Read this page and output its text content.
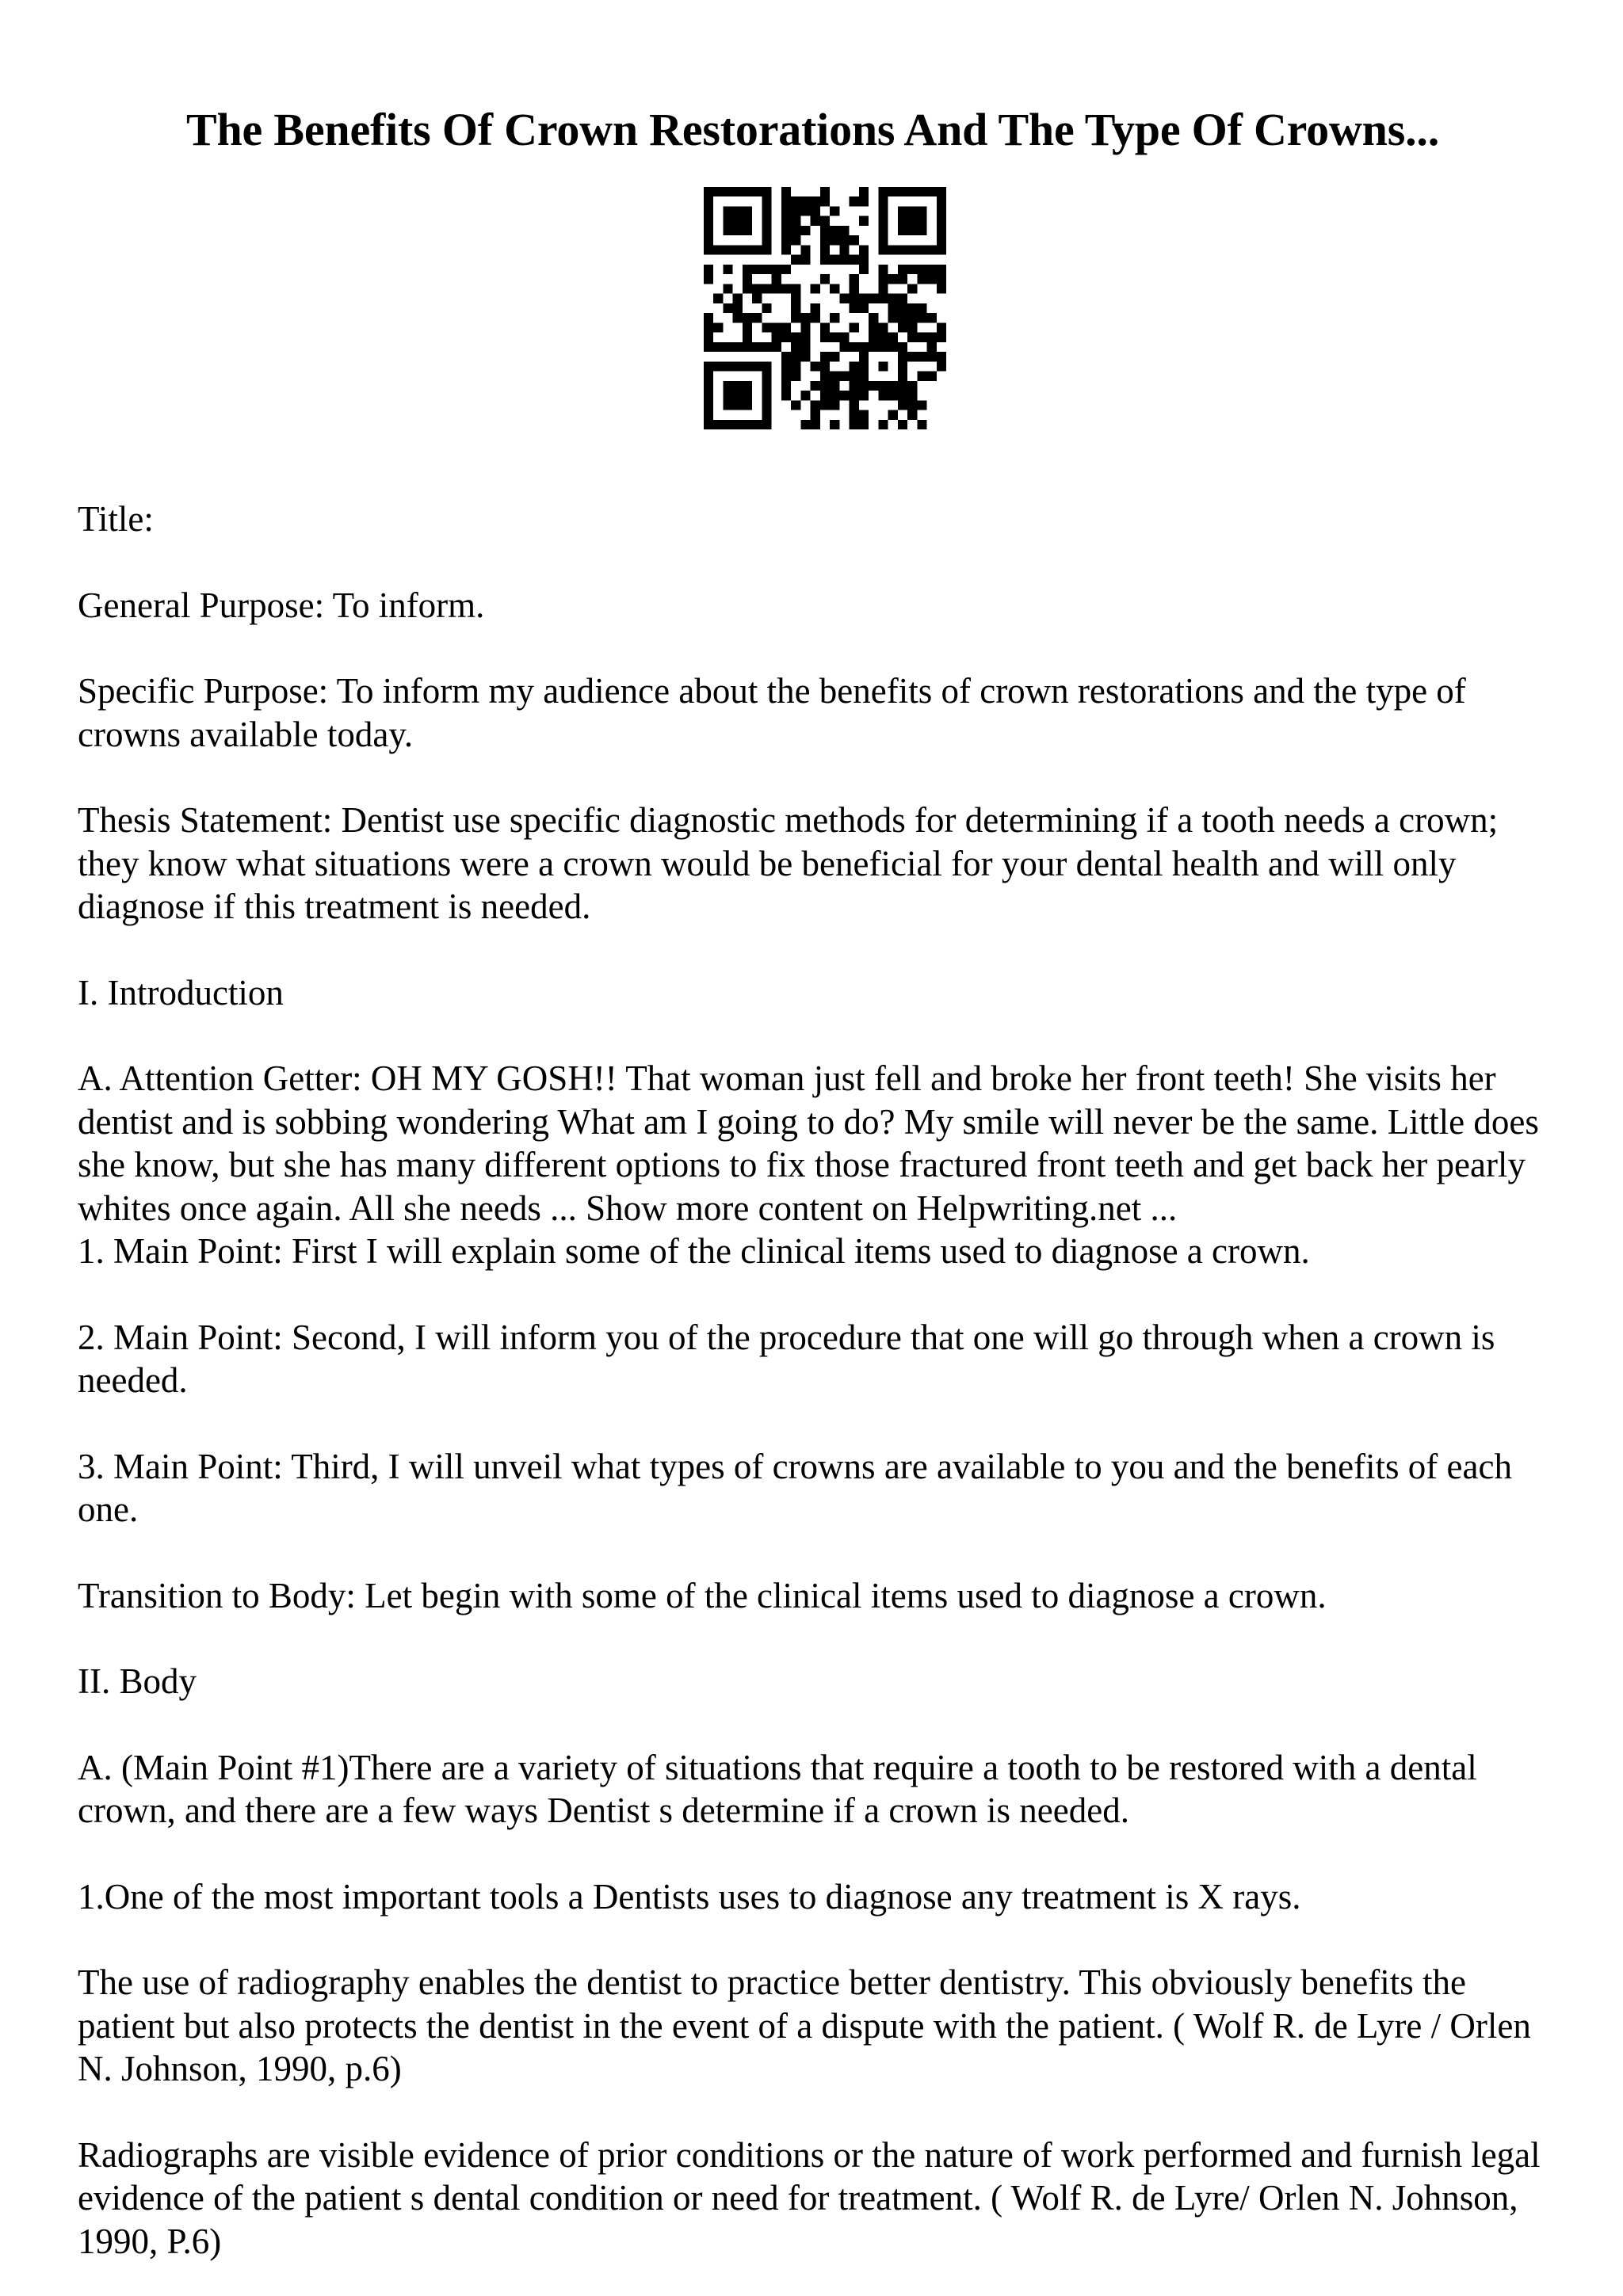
The Benefits Of Crown Restorations And The Type Of Crowns...

Title:

General Purpose: To inform.

Specific Purpose: To inform my audience about the benefits of crown restorations and the type of crowns available today.

Thesis Statement: Dentist use specific diagnostic methods for determining if a tooth needs a crown; they know what situations were a crown would be beneficial for your dental health and will only diagnose if this treatment is needed.

I. Introduction

A. Attention Getter: OH MY GOSH!! That woman just fell and broke her front teeth! She visits her dentist and is sobbing wondering What am I going to do? My smile will never be the same. Little does she know, but she has many different options to fix those fractured front teeth and get back her pearly whites once again. All she needs ... Show more content on Helpwriting.net ...

1. Main Point: First I will explain some of the clinical items used to diagnose a crown.

2. Main Point: Second, I will inform you of the procedure that one will go through when a crown is needed.

3. Main Point: Third, I will unveil what types of crowns are available to you and the benefits of each one.

Transition to Body: Let begin with some of the clinical items used to diagnose a crown.

II. Body

A. (Main Point #1)There are a variety of situations that require a tooth to be restored with a dental crown, and there are a few ways Dentist s determine if a crown is needed.

1.One of the most important tools a Dentists uses to diagnose any treatment is X rays.

The use of radiography enables the dentist to practice better dentistry. This obviously benefits the patient but also protects the dentist in the event of a dispute with the patient. ( Wolf R. de Lyre / Orlen N. Johnson, 1990, p.6)

Radiographs are visible evidence of prior conditions or the nature of work performed and furnish legal evidence of the patient s dental condition or need for treatment. ( Wolf R. de Lyre/ Orlen N. Johnson, 1990, P.6)
